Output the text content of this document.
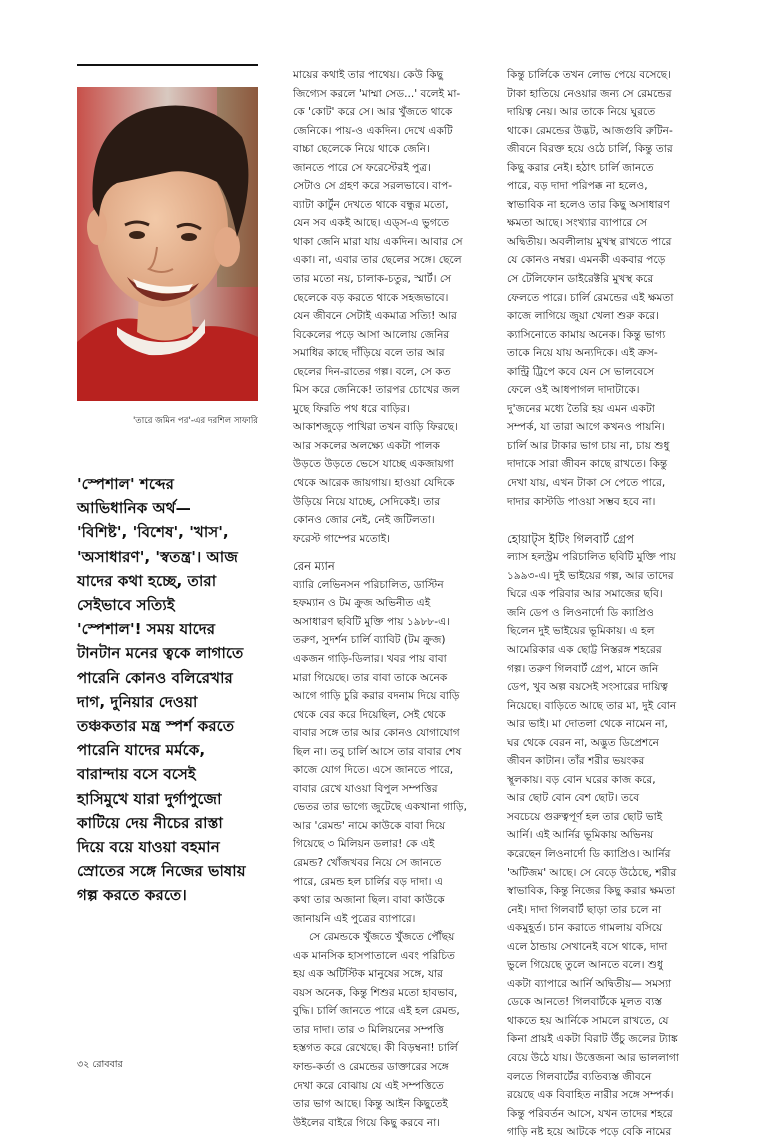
'তারে জমিন পর'-এর দরশিল সাফারি

'স্পেশাল' শব্দের

আভিধানিক অর্থ—

'বিশিষ্ট', 'বিশেষ', 'খাস',

'অসাধারণ', 'স্বতন্ত্র'। আজ

যাদের কথা হচ্ছে, তারা

সেইভাবে সত্যিই

'স্পেশাল'! সময় যাদের

টানটান মনের ত্বকে লাগাতে

পারেনি কোনও বলিরেখার

দাগ, দুনিয়ার দেওয়া

তঞ্চকতার মন্ত্র স্পর্শ করতে

পারেনি যাদের মর্মকে,

বারান্দায় বসে বসেই

হাসিমুখে যারা দুর্গাপুজো

কাটিয়ে দেয় নীচের রাস্তা

দিয়ে বয়ে যাওয়া বহমান

স্রোতের সঙ্গে নিজের ভাষায়

গল্প করতে করতে।

মায়ের কথাই তার পাথেয়। কেউ কিছু

জিগ্যেস করলে 'মাম্মা সেড...' বলেই মা-

কে 'কোট' করে সে। আর খুঁজতে থাকে

জেনিকে। পায়-ও একদিন। দেখে একটি

বাচ্চা ছেলেকে নিয়ে থাকে জেনি।

জানতে পারে সে ফরেস্টেরই পুত্র।

সেটাও সে গ্রহণ করে সরলভাবে। বাপ-

ব্যাটা কার্টুন দেখতে থাকে বন্ধুর মতো,

যেন সব একই আছে। এড্স-এ ভুগতে

থাকা জেনি মারা যায় একদিন। আবার সে

একা। না, এবার তার ছেলের সঙ্গে। ছেলে

তার মতো নয়, চালাক-চতুর, স্মার্ট। সে

ছেলেকে বড় করতে থাকে সহজভাবে।

যেন জীবনে সেটাই একমাত্র সত্যি! আর

বিকেলের পড়ে আসা আলোয় জেনির

সমাধির কাছে দাঁড়িয়ে বলে তার আর

ছেলের দিন-রাতের গল্প। বলে, সে কত

মিস করে জেনিকে! তারপর চোখের জল

মুছে ফিরতি পথ ধরে বাড়ির।

আকাশজুড়ে পাখিরা তখন বাড়ি ফিরছে।

আর সকলের অলক্ষ্যে একটা পালক

উড়তে উড়তে ভেসে যাচ্ছে একজায়গা

থেকে আরেক জায়গায়। হাওয়া যেদিকে

উড়িয়ে নিয়ে যাচ্ছে, সেদিকেই। তার

কোনও জোর নেই, নেই জটিলতা।

ফরেস্ট গাম্পের মতোই।

রেন ম্যান

ব্যারি লেভিনসন পরিচালিত, ডাস্টিন

হফম্যান ও টম ক্রুজ অভিনীত এই

অসাধারণ ছবিটি মুক্তি পায় ১৯৮৮-এ।

তরুণ, সুদর্শন চার্লি ব্যাবিট (টম ক্রুজ)

একজন গাড়ি-ডিলার। খবর পায় বাবা

মারা গিয়েছে। তার বাবা তাকে অনেক

আগে গাড়ি চুরি করার বদনাম দিয়ে বাড়ি

থেকে বের করে দিয়েছিল, সেই থেকে

বাবার সঙ্গে তার আর কোনও যোগাযোগ

ছিল না। তবু চার্লি আসে তার বাবার শেষ

কাজে যোগ দিতে। এসে জানতে পারে,

বাবার রেখে যাওয়া বিপুল সম্পত্তির

ভেতর তার ভাগ্যে জুটেছে একখানা গাড়ি,

আর 'রেমন্ড' নামে কাউকে বাবা দিয়ে

গিয়েছে ৩ মিলিয়ন ডলার! কে এই

রেমন্ড? খোঁজখবর নিয়ে সে জানতে

পারে, রেমন্ড হল চার্লির বড় দাদা। এ

কথা তার অজানা ছিল। বাবা কাউকে

জানায়নি এই পুত্রের ব্যাপারে।

সে রেমন্ডকে খুঁজতে খুঁজতে পৌঁছয়

এক মানসিক হাসপাতালে এবং পরিচিত

হয় এক অটিস্টিক মানুষের সঙ্গে, যার

বয়স অনেক, কিন্তু শিশুর মতো হাবভাব,

বুদ্ধি। চার্লি জানতে পারে এই হল রেমন্ড,

তার দাদা। তার ৩ মিলিয়নের সম্পত্তি

হস্তগত করে রেখেছে। কী বিড়ম্বনা! চার্লি

ফান্ড-কর্তা ও রেমন্ডের ডাক্তারের সঙ্গে

দেখা করে বোঝায় যে এই সম্পত্তিতে

তার ভাগ আছে। কিন্তু আইন কিছুতেই

উইলের বাইরে গিয়ে কিছু করবে না।

কিন্তু চার্লিকে তখন লোভ পেয়ে বসেছে।

টাকা হাতিয়ে নেওয়ার জন্য সে রেমন্ডের

দায়িত্ব নেয়। আর তাকে নিয়ে ঘুরতে

থাকে। রেমন্ডের উদ্ভট, আজগুবি রুটিন-

জীবনে বিরক্ত হয়ে ওঠে চার্লি, কিন্তু তার

কিছু করার নেই। হঠাৎ চার্লি জানতে

পারে, বড় দাদা পরিপক্ক না হলেও,

স্বাভাবিক না হলেও তার কিছু অসাধারণ

ক্ষমতা আছে। সংখ্যার ব্যাপারে সে

অদ্বিতীয়। অবলীলায় মুখস্থ রাখতে পারে

যে কোনও নম্বর। এমনকী একবার পড়ে

সে টেলিফোন ডাইরেক্টরি মুখস্থ করে

ফেলতে পারে। চার্লি রেমন্ডের এই ক্ষমতা

কাজে লাগিয়ে জুয়া খেলা শুরু করে।

ক্যাসিনোতে কামায় অনেক। কিন্তু ভাগ্য

তাকে নিয়ে যায় অন্যদিকে। এই ক্রস-

কান্ট্রি ট্রিপে কবে যেন সে ভালবেসে

ফেলে ওই আধপাগল দাদাটাকে।

দু'জনের মধ্যে তৈরি হয় এমন একটা

সম্পর্ক, যা তারা আগে কখনও পায়নি।

চার্লি আর টাকার ভাগ চায় না, চায় শুধু

দাদাকে সারা জীবন কাছে রাখতে। কিন্তু

দেখা যায়, এখন টাকা সে পেতে পারে,

দাদার কাস্টডি পাওয়া সম্ভব হবে না।

হোয়াট্স ইটিং গিলবার্ট গ্রেপ

ল্যাস হলস্ট্রম পরিচালিত ছবিটি মুক্তি পায়

১৯৯৩-এ। দুই ভাইয়ের গল্প, আর তাদের

ঘিরে এক পরিবার আর সমাজের ছবি।

জনি ডেপ ও লিওনার্দো ডি ক্যাপ্রিও

ছিলেন দুই ভাইয়ের ভূমিকায়। এ হল

আমেরিকার এক ছোট্ট নিস্তরঙ্গ শহরের

গল্প। তরুণ গিলবার্ট গ্রেপ, মানে জনি

ডেপ, খুব অল্প বয়সেই সংসারের দায়িত্ব

নিয়েছে। বাড়িতে আছে তার মা, দুই বোন

আর ভাই। মা দোতলা থেকে নামেন না,

ঘর থেকে বেরন না, অদ্ভুত ডিপ্রেশনে

জীবন কাটান। তাঁর শরীর ভয়ংকর

স্থূলকায়। বড় বোন ঘরের কাজ করে,

আর ছোট বোন বেশ ছোট। তবে

সবচেয়ে গুরুত্বপূর্ণ হল তার ছোট ভাই

আর্নি। এই আর্নির ভূমিকায় অভিনয়

করেছেন লিওনার্দো ডি ক্যাপ্রিও। আর্নির

'অটিজম' আছে। সে বেড়ে উঠেছে, শরীর

স্বাভাবিক, কিন্তু নিজের কিছু করার ক্ষমতা

নেই। দাদা গিলবার্ট ছাড়া তার চলে না

একমুহূর্ত। চান করাতে গামলায় বসিয়ে

এলে ঠান্ডায় সেখানেই বসে থাকে, দাদা

ভুলে গিয়েছে তুলে আনতে বলে। শুধু

একটা ব্যাপারে আর্নি অদ্বিতীয়— সমস্যা

ডেকে আনতে! গিলবার্টকে মূলত ব্যস্ত

থাকতে হয় আর্নিকে সামলে রাখতে, যে

কিনা প্রায়ই একটা বিরাট উঁচু জলের ট্যাঙ্ক

বেয়ে উঠে যায়। উত্তেজনা আর ভাললাগা

বলতে গিলবার্টের ব্যতিব্যস্ত জীবনে

রয়েছে এক বিবাহিত নারীর সঙ্গে সম্পর্ক।

কিন্তু পরিবর্তন আসে, যখন তাদের শহরে

গাড়ি নষ্ট হয়ে আটকে পড়ে বেকি নামের

৩২ রোববার
